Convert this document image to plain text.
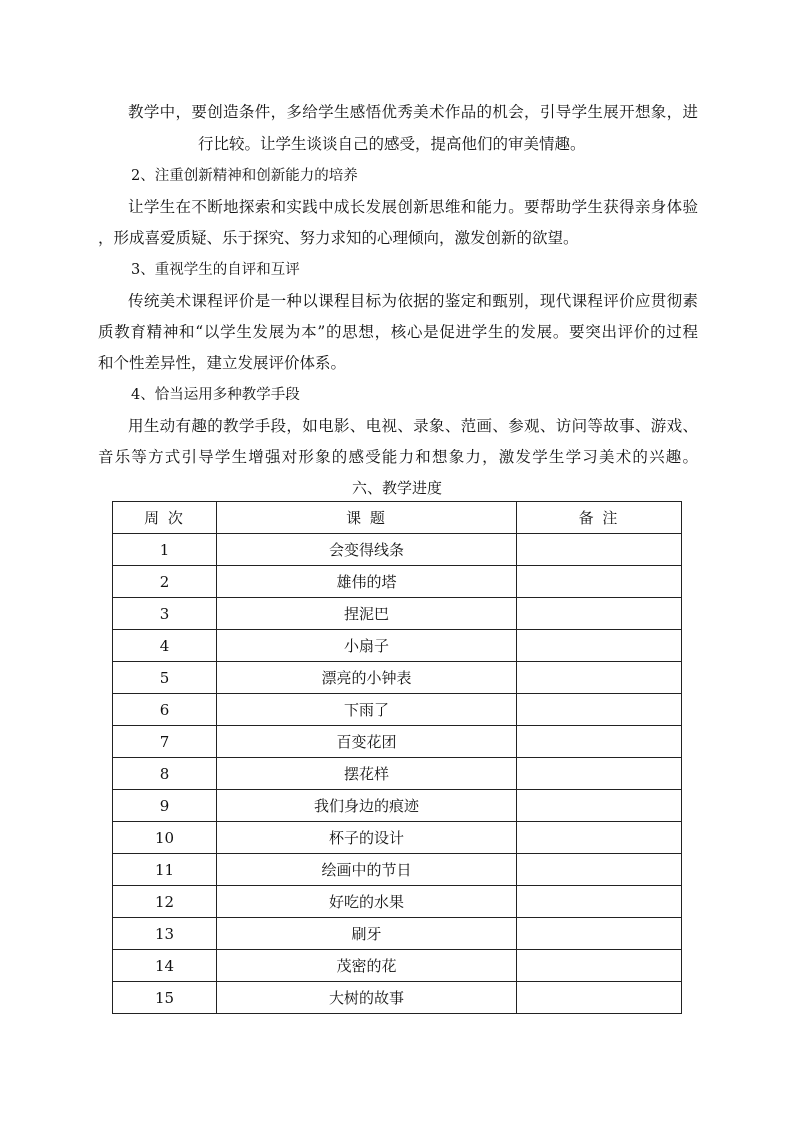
教学中，要创造条件，多给学生感悟优秀美术作品的机会，引导学生展开想象，进
行比较。让学生谈谈自己的感受，提高他们的审美情趣。
2、注重创新精神和创新能力的培养
让学生在不断地探索和实践中成长发展创新思维和能力。要帮助学生获得亲身体验
，形成喜爱质疑、乐于探究、努力求知的心理倾向，激发创新的欲望。
3、重视学生的自评和互评
传统美术课程评价是一种以课程目标为依据的鉴定和甄别，现代课程评价应贯彻素
质教育精神和“以学生发展为本”的思想，核心是促进学生的发展。要突出评价的过程
和个性差异性，建立发展评价体系。
4、恰当运用多种教学手段
用生动有趣的教学手段，如电影、电视、录象、范画、参观、访问等故事、游戏、
音乐等方式引导学生增强对形象的感受能力和想象力，激发学生学习美术的兴趣。
六、教学进度
周 次	课 题	备 注
1	会变得线条	
2	雄伟的塔	
3	捏泥巴	
4	小扇子	
5	漂亮的小钟表	
6	下雨了	
7	百变花团	
8	摆花样	
9	我们身边的痕迹	
10	杯子的设计	
11	绘画中的节日	
12	好吃的水果	
13	刷牙	
14	茂密的花	
15	大树的故事	
